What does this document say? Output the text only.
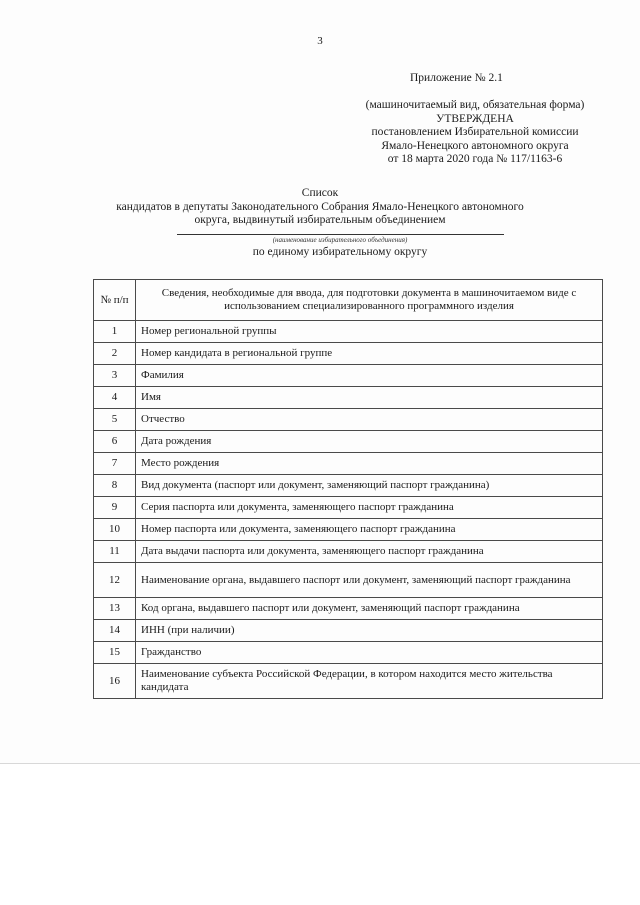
3
Приложение № 2.1
(машиночитаемый вид, обязательная форма)
УТВЕРЖДЕНА
постановлением Избирательной комиссии
Ямало-Ненецкого автономного округа
от 18 марта 2020 года № 117/1163-6
Список
кандидатов в депутаты Законодательного Собрания Ямало-Ненецкого автономного
округа, выдвинутый избирательным объединением
(наименование избирательного объединения)
по единому избирательному округу
№ п/п	Сведения, необходимые для ввода, для подготовки документа в машиночитаемом виде с использованием специализированного программного изделия
1	Номер региональной группы
2	Номер кандидата в региональной группе
3	Фамилия
4	Имя
5	Отчество
6	Дата рождения
7	Место рождения
8	Вид документа (паспорт или документ, заменяющий паспорт гражданина)
9	Серия паспорта или документа, заменяющего паспорт гражданина
10	Номер паспорта или документа, заменяющего паспорт гражданина
11	Дата выдачи паспорта или документа, заменяющего паспорт гражданина
12	Наименование органа, выдавшего паспорт или документ, заменяющий паспорт гражданина
13	Код органа, выдавшего паспорт или документ, заменяющий паспорт гражданина
14	ИНН (при наличии)
15	Гражданство
16	Наименование субъекта Российской Федерации, в котором находится место жительства кандидата
